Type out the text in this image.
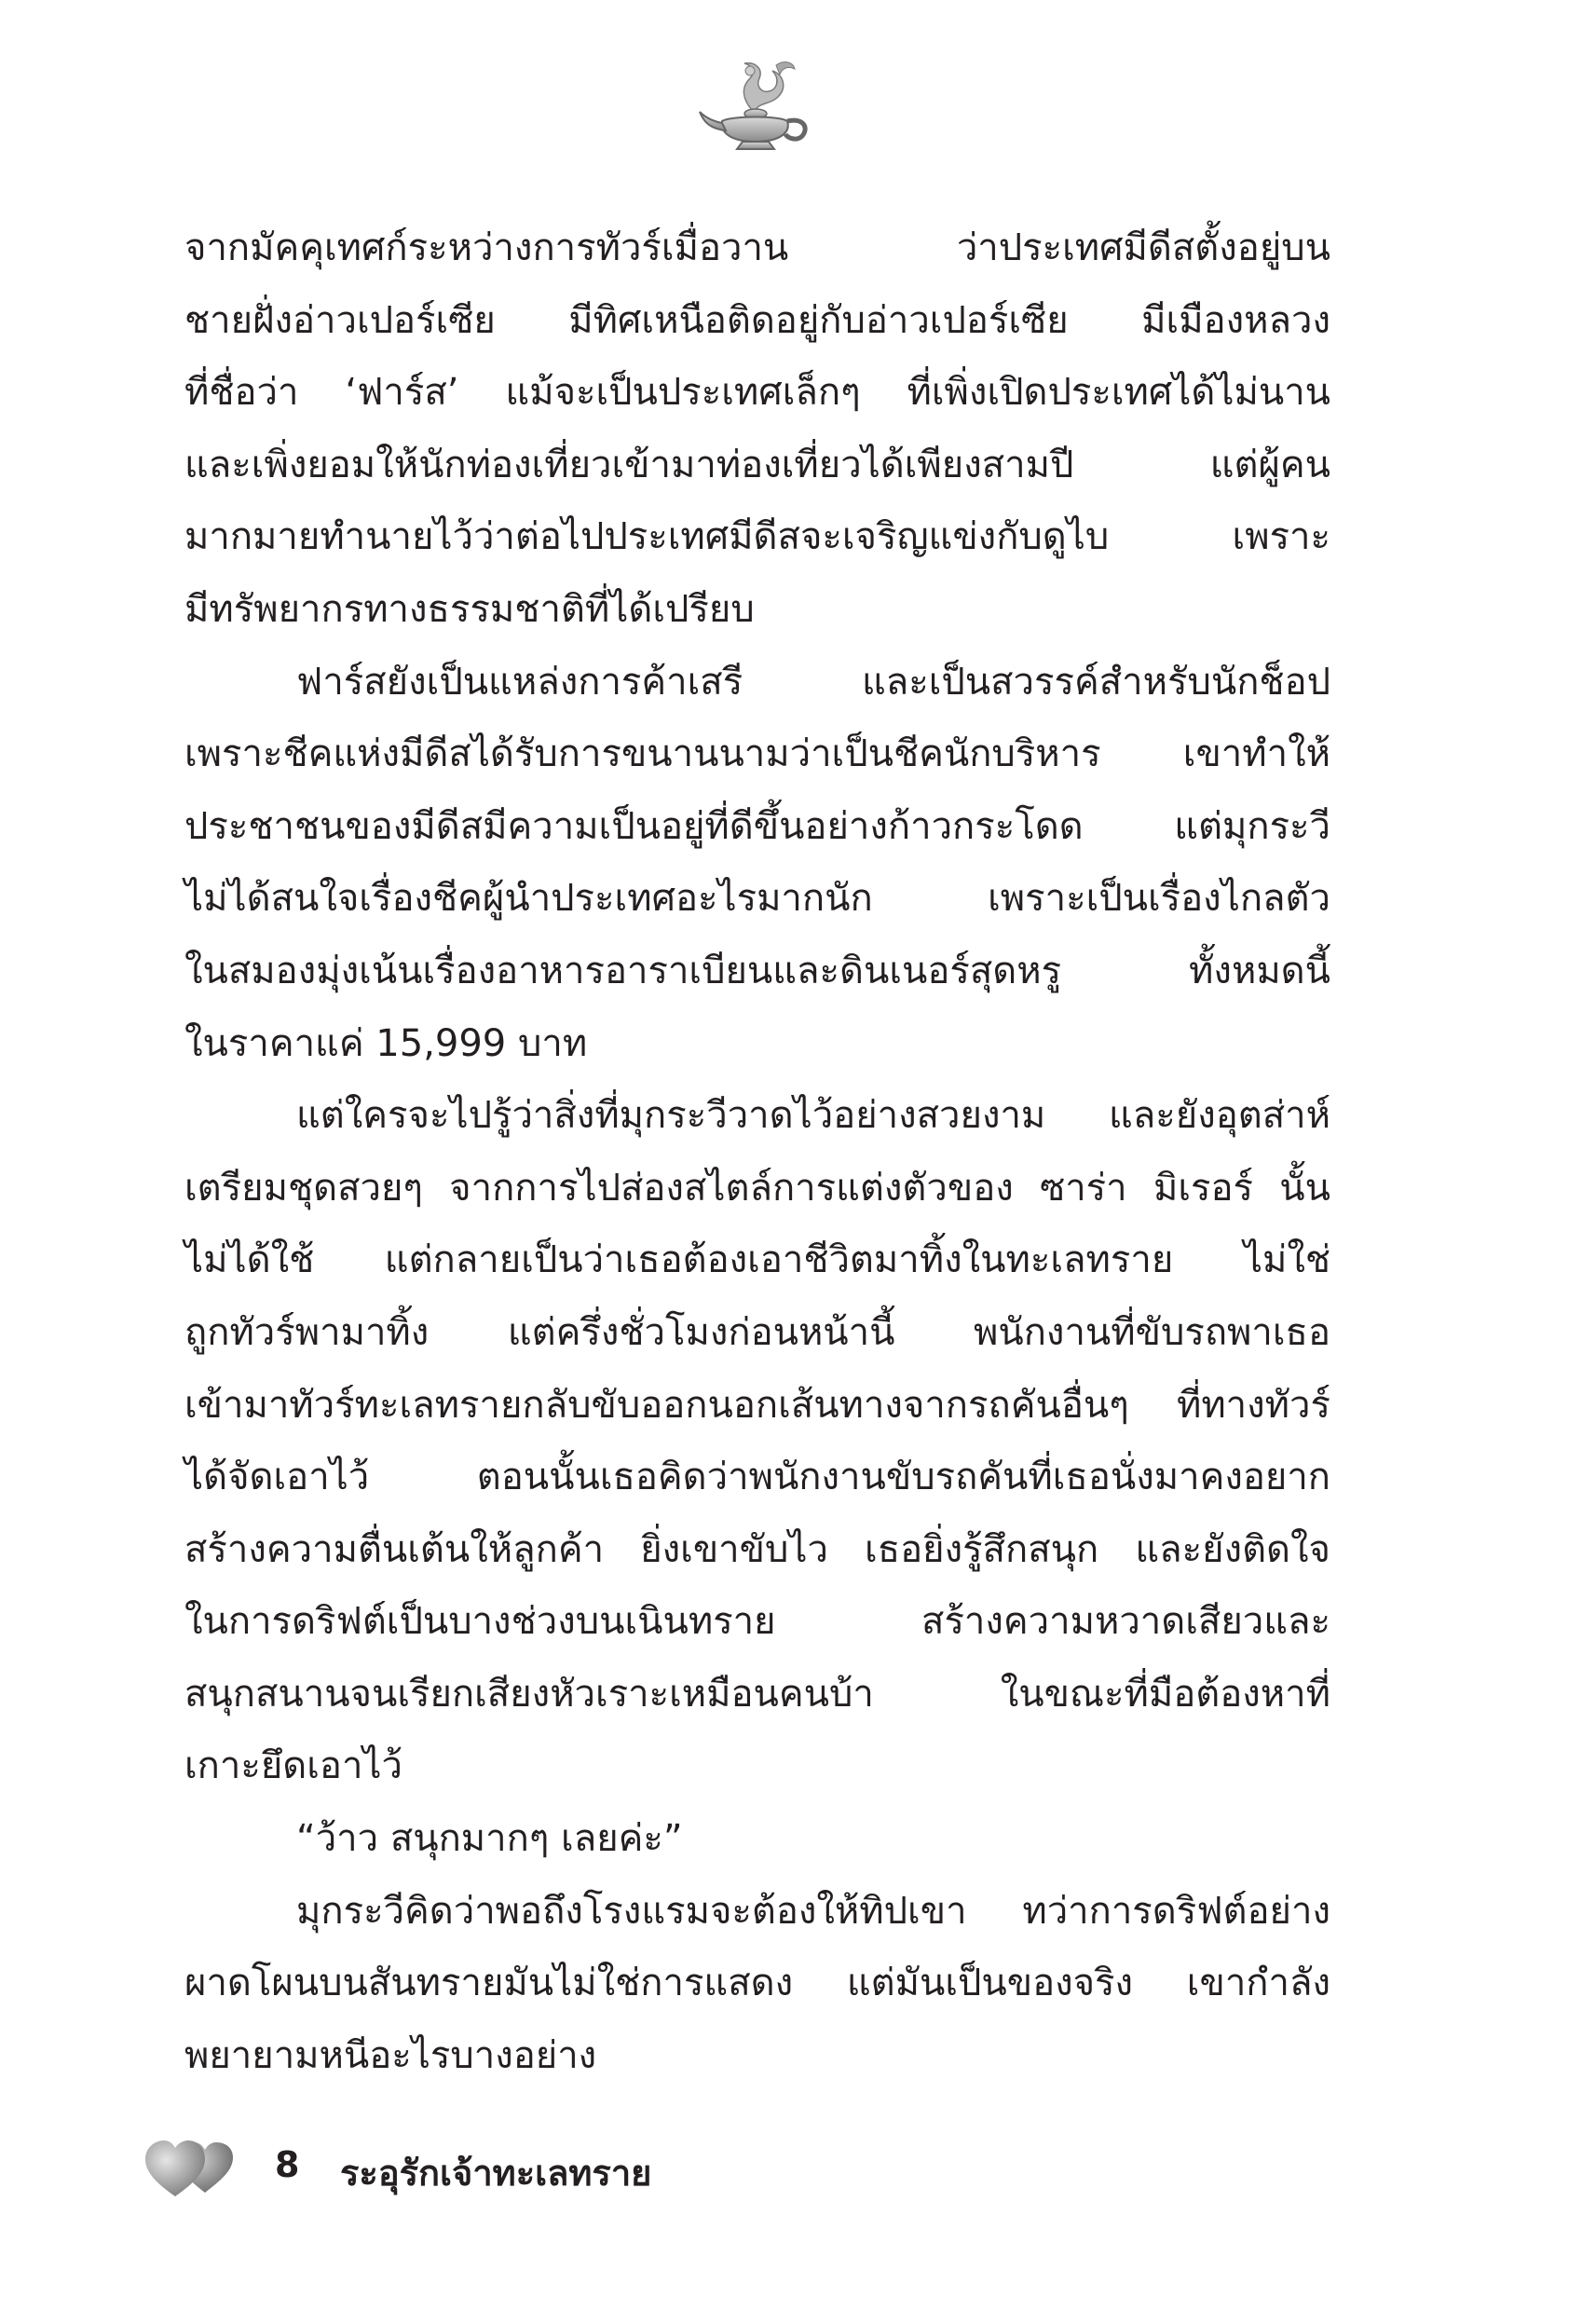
จากมัคคุเทศก์ระหว่างการทัวร์เมื่อวาน ว่าประเทศมีดีสตั้งอยู่บน
ชายฝั่งอ่าวเปอร์เซีย มีทิศเหนือติดอยู่กับอ่าวเปอร์เซีย มีเมืองหลวง
ที่ชื่อว่า ‘ฟาร์ส’ แม้จะเป็นประเทศเล็กๆ ที่เพิ่งเปิดประเทศได้ไม่นาน
และเพิ่งยอมให้นักท่องเที่ยวเข้ามาท่องเที่ยวได้เพียงสามปี แต่ผู้คน
มากมายทำนายไว้ว่าต่อไปประเทศมีดีสจะเจริญแข่งกับดูไบ เพราะ
มีทรัพยากรทางธรรมชาติที่ได้เปรียบ

ฟาร์สยังเป็นแหล่งการค้าเสรี และเป็นสวรรค์สำหรับนักช็อป
เพราะชีคแห่งมีดีสได้รับการขนานนามว่าเป็นชีคนักบริหาร เขาทำให้
ประชาชนของมีดีสมีความเป็นอยู่ที่ดีขึ้นอย่างก้าวกระโดด แต่มุกระวี
ไม่ได้สนใจเรื่องชีคผู้นำประเทศอะไรมากนัก เพราะเป็นเรื่องไกลตัว
ในสมองมุ่งเน้นเรื่องอาหารอาราเบียนและดินเนอร์สุดหรู ทั้งหมดนี้
ในราคาแค่ 15,999 บาท

แต่ใครจะไปรู้ว่าสิ่งที่มุกระวีวาดไว้อย่างสวยงาม และยังอุตส่าห์
เตรียมชุดสวยๆ จากการไปส่องสไตล์การแต่งตัวของ ซาร่า มิเรอร์ นั้น
ไม่ได้ใช้ แต่กลายเป็นว่าเธอต้องเอาชีวิตมาทิ้งในทะเลทราย ไม่ใช่
ถูกทัวร์พามาทิ้ง แต่ครึ่งชั่วโมงก่อนหน้านี้ พนักงานที่ขับรถพาเธอ
เข้ามาทัวร์ทะเลทรายกลับขับออกนอกเส้นทางจากรถคันอื่นๆ ที่ทางทัวร์
ได้จัดเอาไว้ ตอนนั้นเธอคิดว่าพนักงานขับรถคันที่เธอนั่งมาคงอยาก
สร้างความตื่นเต้นให้ลูกค้า ยิ่งเขาขับไว เธอยิ่งรู้สึกสนุก และยังติดใจ
ในการดริฟต์เป็นบางช่วงบนเนินทราย สร้างความหวาดเสียวและ
สนุกสนานจนเรียกเสียงหัวเราะเหมือนคนบ้า ในขณะที่มือต้องหาที่
เกาะยึดเอาไว้

“ว้าว สนุกมากๆ เลยค่ะ”

มุกระวีคิดว่าพอถึงโรงแรมจะต้องให้ทิปเขา ทว่าการดริฟต์อย่าง
ผาดโผนบนสันทรายมันไม่ใช่การแสดง แต่มันเป็นของจริง เขากำลัง
พยายามหนีอะไรบางอย่าง

8 ระอุรักเจ้าทะเลทราย
